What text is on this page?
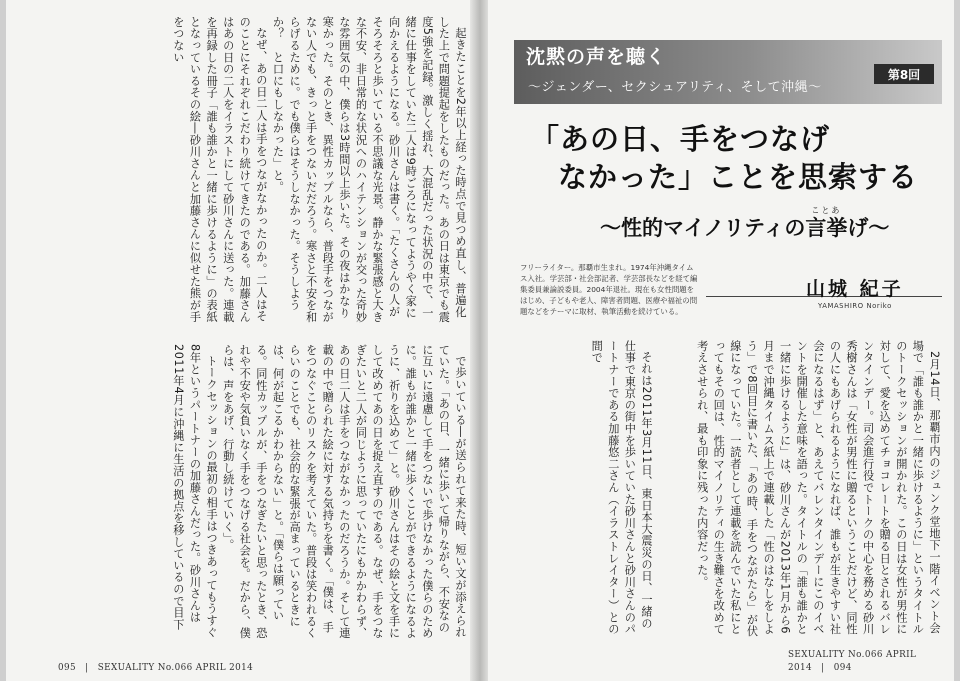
起きたことを2年以上経った時点で見つめ直し、普遍化した上で問題提起をしたものだった。あの日は東京でも震度5強を記録。激しく揺れ、大混乱だった状況の中で、一緒に仕事をしていた二人は9時ごろになってようやく家に向かえるようになる。砂川さんは書く。「たくさんの人がそろそろと歩いている不思議な光景。静かな緊張感と大きな不安、非日常的な状況へのハイテンションが交った奇妙な雰囲気の中、僕らは3時間以上歩いた。その夜はかなり寒かった。そのとき、異性カップルなら、普段手をつながない人でも、きっと手をつないだだろう。寒さと不安を和らげるために。でも僕らはそうしなかった。そうしようか？　と口にもしなかった」と。

なぜ、あの日二人は手をつながなかったのか。二人はそのことにそれぞれこだわり続けてきたのである。加藤さんはあの日の二人をイラストにして砂川さんに送った。連載を再録した冊子「誰も誰かと一緒に歩けるように」の表紙となっているその絵―砂川さんと加藤さんに似せた熊が手をつない

で歩いている―が送られて来た時、短い文が添えられていた。「あの日、一緒に歩いて帰りながら、不安なのに互いに遠慮して手をつないで歩けなかった僕らのために。誰もが誰かと一緒に歩くことができるようになるように、祈りを込めて」と。砂川さんはその絵と文を手にして改めてあの日を捉え直すのである。なぜ、手をつなぎたいと二人が同じように思っていたにもかかわらず、あの日二人は手をつながなかったのだろうか。そして連載の中で贈られた絵に対する気持ちを書く。「僕は、手をつなぐことのリスクを考えていた。普段は笑われるくらいのことでも、社会的な緊張が高まっているときには、何が起こるかわからない」と。「僕らは願っている。同性カップルが、手をつなぎたいと思ったとき、恐れや不安や気負いなく手をつなげる社会を。だから、僕らは、声をあげ、行動し続けていく」。

トークセッションの最初の相手はつきあってもうすぐ8年というパートナーの加藤さんだった。砂川さんは2011年4月に沖縄に生活の拠点を移しているので目下

095　|　SEXUALITY No.066 APRIL 2014
沈黙の声を聴く
〜ジェンダー、セクシュアリティ、そして沖縄〜
第8回
「あの日、手をつなげ
なかった」ことを思索する
〜性的マイノリティの
ことあ
言挙げ〜
フリーライター。那覇市生まれ。1974年沖縄タイムス入社。学芸部・社会部記者、学芸部長などを経て編集委員兼論説委員。2004年退社。現在も女性問題をはじめ、子どもや老人、障害者問題、医療や福祉の問題などをテーマに取材、執筆活動を続けている。
山城 紀子
YAMASHIRO Noriko

2月14日、那覇市内のジュンク堂地下一階イベント会場で「誰も誰かと一緒に歩けるように」というタイトルのトークセッションが開かれた。この日は女性が男性に対して、愛を込めてチョコレートを贈る日とされるバレンタインデー。司会進行役でトークの中心を務める砂川秀樹さんは「女性が男性に贈るということだけど、同性の人にもあげられるようになれば、誰もが生きやすい社会になるはず」と、あえてバレンタインデーにこのイベントを開催した意味を語った。タイトルの「誰も誰かと一緒に歩けるように」は、砂川さんが2013年1月から6月まで沖縄タイムス紙上で連載した「性のはなしをしよう」で8回目に書いた、「あの時、手をつながたら」が伏線になっていた。一読者として連載を読んでいた私にとってもその回は、性的マイノリティの生き難さを改めて考えさせられ、最も印象に残った内容だった。

それは2011年3月11日、東日本大震災の日、一緒の仕事で東京の街中を歩いていた砂川さんと砂川さんのパートナーである加藤悠二さん（イラストレイター）との間で

SEXUALITY No.066 APRIL 2014　|　094
